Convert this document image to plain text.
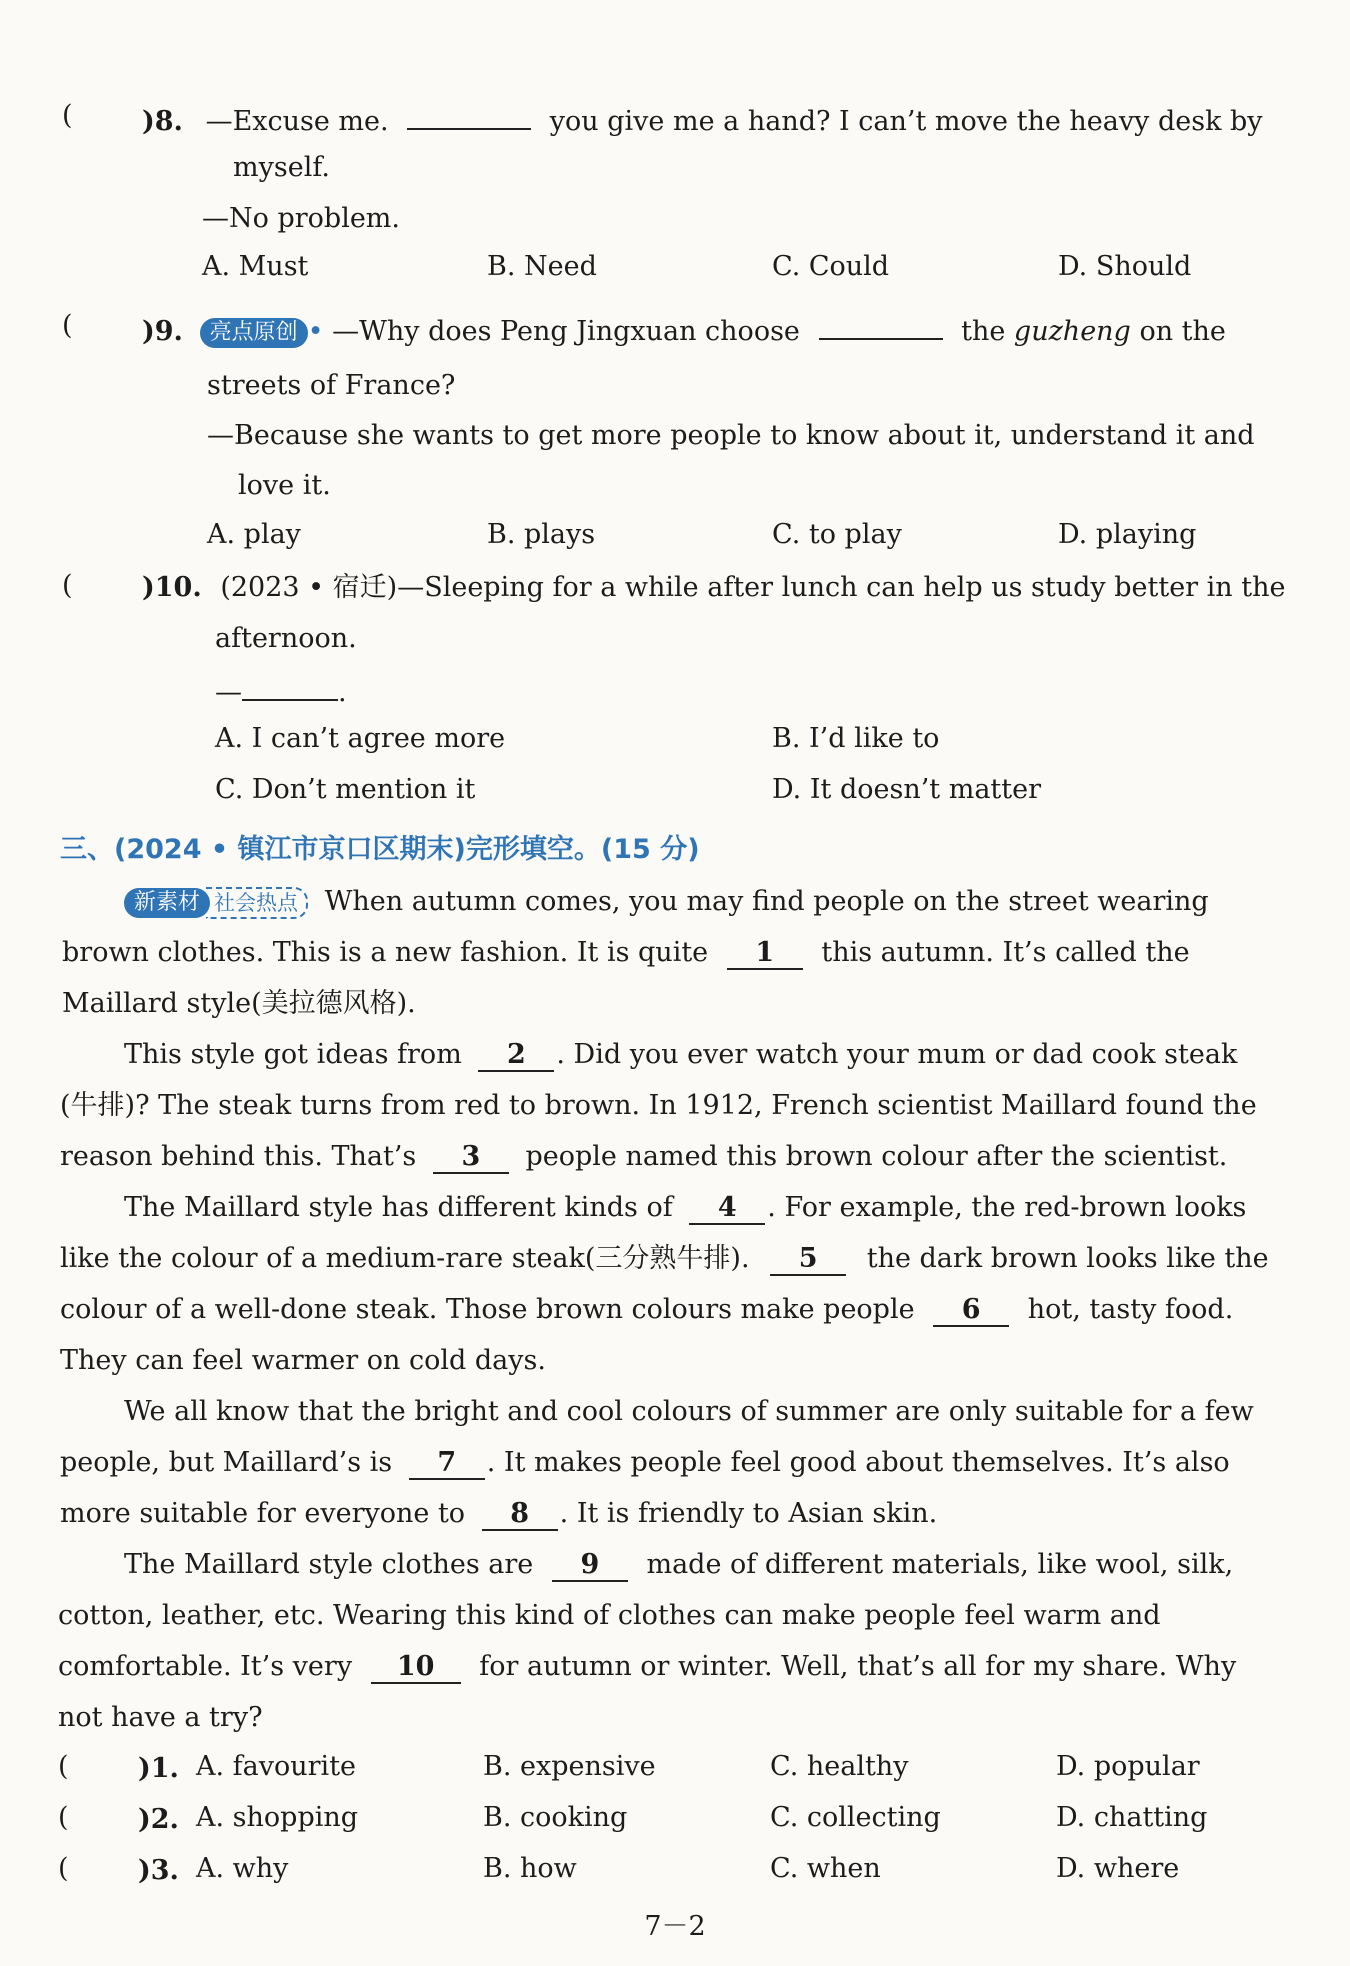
(	)8. —Excuse me.	you give me a hand? I can’t move the heavy desk by
myself.
—No problem.
A. Must	B. Need	C. Could	D. Should
(	)9. 亮点原创 • —Why does Peng Jingxuan choose	the guzheng on the
streets of France?
—Because she wants to get more people to know about it, understand it and
love it.
A. play	B. plays	C. to play	D. playing
(	)10. (2023 • 宿迁)—Sleeping for a while after lunch can help us study better in the
afternoon.
—	.
A. I can’t agree more	B. I’d like to
C. Don’t mention it	D. It doesn’t matter
三、(2024 • 镇江市京口区期末)完形填空。(15 分)
新素材 社会热点 When autumn comes, you may find people on the street wearing
brown clothes. This is a new fashion. It is quite 1 this autumn. It’s called the
Maillard style(美拉德风格).
This style got ideas from 2 . Did you ever watch your mum or dad cook steak
(牛排)? The steak turns from red to brown. In 1912, French scientist Maillard found the
reason behind this. That’s 3 people named this brown colour after the scientist.
The Maillard style has different kinds of 4 . For example, the red-brown looks
like the colour of a medium-rare steak(三分熟牛排). 5 the dark brown looks like the
colour of a well-done steak. Those brown colours make people 6 hot, tasty food.
They can feel warmer on cold days.
We all know that the bright and cool colours of summer are only suitable for a few
people, but Maillard’s is 7 . It makes people feel good about themselves. It’s also
more suitable for everyone to 8 . It is friendly to Asian skin.
The Maillard style clothes are 9 made of different materials, like wool, silk,
cotton, leather, etc. Wearing this kind of clothes can make people feel warm and
comfortable. It’s very 10 for autumn or winter. Well, that’s all for my share. Why
not have a try?
(	)1. A. favourite	B. expensive	C. healthy	D. popular
(	)2. A. shopping	B. cooking	C. collecting	D. chatting
(	)3. A. why	B. how	C. when	D. where
7－2
